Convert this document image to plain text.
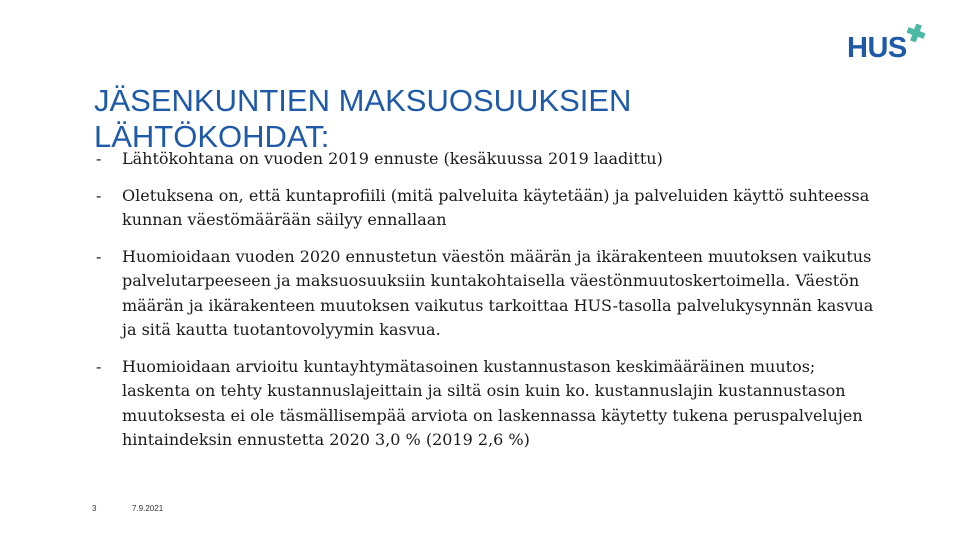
HUS
JÄSENKUNTIEN MAKSUOSUUKSIEN
LÄHTÖKOHDAT:
- Lähtökohtana on vuoden 2019 ennuste (kesäkuussa 2019 laadittu)
- Oletuksena on, että kuntaprofiili (mitä palveluita käytetään) ja palveluiden käyttö suhteessa kunnan väestömäärään säilyy ennallaan
- Huomioidaan vuoden 2020 ennustetun väestön määrän ja ikärakenteen muutoksen vaikutus palvelutarpeeseen ja maksuosuuksiin kuntakohtaisella väestönmuutoskertoimella. Väestön määrän ja ikärakenteen muutoksen vaikutus tarkoittaa HUS-tasolla palvelukysynnän kasvua ja sitä kautta tuotantovolyymin kasvua.
- Huomioidaan arvioitu kuntayhtymätasoinen kustannustason keskimääräinen muutos; laskenta on tehty kustannuslajeittain ja siltä osin kuin ko. kustannuslajin kustannustason muutoksesta ei ole täsmällisempää arviota on laskennassa käytetty tukena peruspalvelujen hintaindeksin ennustetta 2020 3,0 % (2019 2,6 %)
3	7.9.2021
